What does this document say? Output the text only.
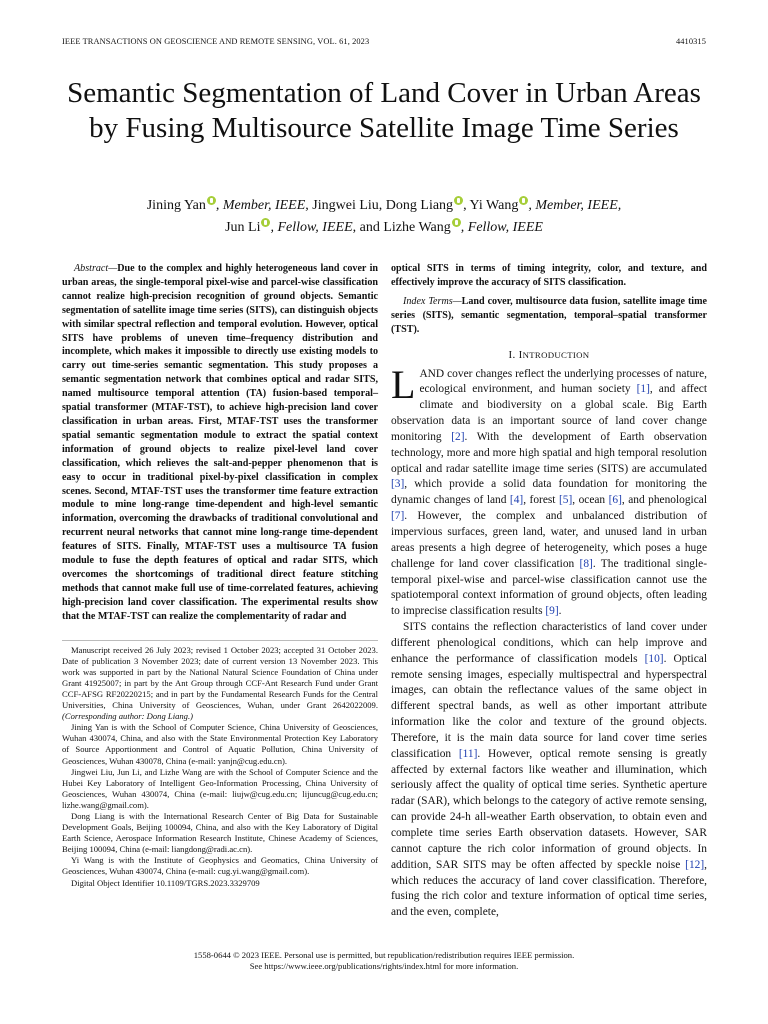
IEEE TRANSACTIONS ON GEOSCIENCE AND REMOTE SENSING, VOL. 61, 2023	4410315
Semantic Segmentation of Land Cover in Urban Areas by Fusing Multisource Satellite Image Time Series
Jining Yan , Member, IEEE, Jingwei Liu, Dong Liang , Yi Wang , Member, IEEE,
Jun Li , Fellow, IEEE, and Lizhe Wang , Fellow, IEEE

Abstract—Due to the complex and highly heterogeneous land cover in urban areas, the single-temporal pixel-wise and parcel-wise classification cannot realize high-precision recognition of ground objects. Semantic segmentation of satellite image time series (SITS), can distinguish objects with similar spectral reflection and temporal evolution. However, optical SITS have problems of uneven time–frequency distribution and incomplete, which makes it impossible to directly use existing models to carry out time-series semantic segmentation. This study proposes a semantic segmentation network that combines optical and radar SITS, named multisource temporal attention (TA) fusion-based temporal–spatial transformer (MTAF-TST), to achieve high-precision land cover classification in urban areas. First, MTAF-TST uses the transformer spatial semantic segmentation module to extract the spatial context information of ground objects to realize pixel-level land cover classification, which relieves the salt-and-pepper phenomenon that is easy to occur in traditional pixel-by-pixel classification in complex scenes. Second, MTAF-TST uses the transformer time feature extraction module to mine long-range time-dependent and high-level semantic information, overcoming the drawbacks of traditional convolutional and recurrent neural networks that cannot mine long-range time-dependent features of SITS. Finally, MTAF-TST uses a multisource TA fusion module to fuse the depth features of optical and radar SITS, which overcomes the shortcomings of traditional direct feature stitching methods that cannot make full use of time-correlated features, achieving high-precision land cover classification. The experimental results show that the MTAF-TST can realize the complementarity of radar and

Manuscript received 26 July 2023; revised 1 October 2023; accepted 31 October 2023. Date of publication 3 November 2023; date of current version 13 November 2023. This work was supported in part by the National Natural Science Foundation of China under Grant 41925007; in part by the Ant Group through CCF-Ant Research Fund under Grant CCF-AFSG RF20220215; and in part by the Fundamental Research Funds for the Central Universities, China University of Geosciences, Wuhan, under Grant 2642022009. (Corresponding author: Dong Liang.)

Jining Yan is with the School of Computer Science, China University of Geosciences, Wuhan 430074, China, and also with the State Environmental Protection Key Laboratory of Source Apportionment and Control of Aquatic Pollution, China University of Geosciences, Wuhan 430078, China (e-mail: yanjn@cug.edu.cn).

Jingwei Liu, Jun Li, and Lizhe Wang are with the School of Computer Science and the Hubei Key Laboratory of Intelligent Geo-Information Processing, China University of Geosciences, Wuhan 430074, China (e-mail: liujw@cug.edu.cn; lijuncug@cug.edu.cn; lizhe.wang@gmail.com).

Dong Liang is with the International Research Center of Big Data for Sustainable Development Goals, Beijing 100094, China, and also with the Key Laboratory of Digital Earth Science, Aerospace Information Research Institute, Chinese Academy of Sciences, Beijing 100094, China (e-mail: liangdong@radi.ac.cn).

Yi Wang is with the Institute of Geophysics and Geomatics, China University of Geosciences, Wuhan 430074, China (e-mail: cug.yi.wang@gmail.com).

Digital Object Identifier 10.1109/TGRS.2023.3329709

optical SITS in terms of timing integrity, color, and texture, and effectively improve the accuracy of SITS classification.

Index Terms—Land cover, multisource data fusion, satellite image time series (SITS), semantic segmentation, temporal–spatial transformer (TST).

I. INTRODUCTION

LAND cover changes reflect the underlying processes of nature, ecological environment, and human society [1], and affect climate and biodiversity on a global scale. Big Earth observation data is an important source of land cover change monitoring [2]. With the development of Earth observation technology, more and more high spatial and high temporal resolution optical and radar satellite image time series (SITS) are accumulated [3], which provide a solid data foundation for monitoring the dynamic changes of land [4], forest [5], ocean [6], and phenological [7]. However, the complex and unbalanced distribution of impervious surfaces, green land, water, and unused land in urban areas presents a high degree of heterogeneity, which poses a huge challenge for land cover classification [8]. The traditional single-temporal pixel-wise and parcel-wise classification cannot use the spatiotemporal context information of ground objects, often leading to imprecise classification results [9].

SITS contains the reflection characteristics of land cover under different phenological conditions, which can help improve and enhance the performance of classification models [10]. Optical remote sensing images, especially multispectral and hyperspectral images, can obtain the reflectance values of the same object in different spectral bands, as well as other important attribute information like the color and texture of the ground objects. Therefore, it is the main data source for land cover time series classification [11]. However, optical remote sensing is greatly affected by external factors like weather and illumination, which seriously affect the quality of optical time series. Synthetic aperture radar (SAR), which belongs to the category of active remote sensing, can provide 24-h all-weather Earth observation, to obtain even and complete time series Earth observation datasets. However, SAR cannot capture the rich color information of ground objects. In addition, SAR SITS may be often affected by speckle noise [12], which reduces the accuracy of land cover classification. Therefore, fusing the rich color and texture information of optical time series, and the even, complete,

1558-0644 © 2023 IEEE. Personal use is permitted, but republication/redistribution requires IEEE permission.
See https://www.ieee.org/publications/rights/index.html for more information.
